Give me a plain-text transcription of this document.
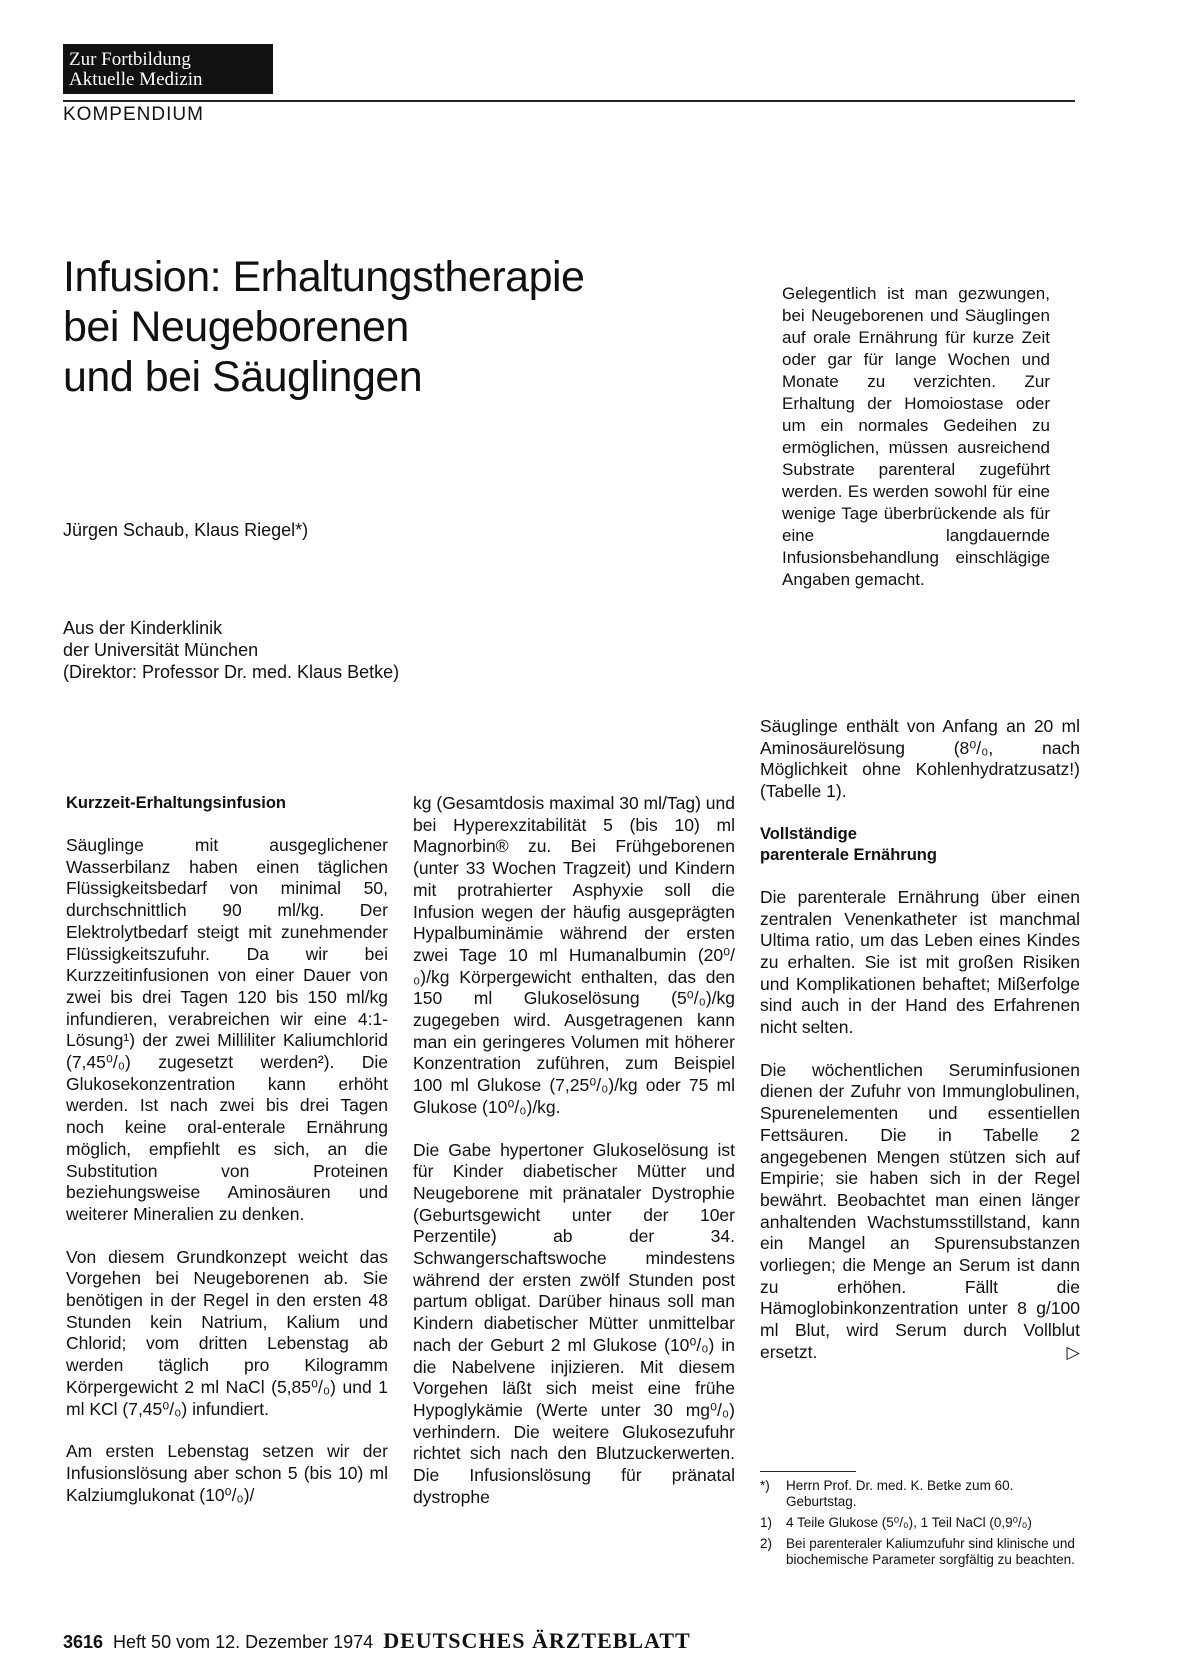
Zur Fortbildung
Aktuelle Medizin
KOMPENDIUM
Infusion: Erhaltungstherapie
bei Neugeborenen
und bei Säuglingen
Jürgen Schaub, Klaus Riegel*)
Aus der Kinderklinik
der Universität München
(Direktor: Professor Dr. med. Klaus Betke)
Gelegentlich ist man gezwungen, bei Neugeborenen und Säuglingen auf orale Ernährung für kurze Zeit oder gar für lange Wochen und Monate zu verzichten. Zur Erhaltung der Homoiostase oder um ein normales Gedeihen zu ermöglichen, müssen ausreichend Substrate parenteral zugeführt werden. Es werden sowohl für eine wenige Tage überbrückende als für eine langdauernde Infusionsbehandlung einschlägige Angaben gemacht.
Kurzzeit-Erhaltungsinfusion

Säuglinge mit ausgeglichener Wasserbilanz haben einen täglichen Flüssigkeitsbedarf von minimal 50, durchschnittlich 90 ml/kg. Der Elektrolytbedarf steigt mit zunehmender Flüssigkeitszufuhr. Da wir bei Kurzzeitinfusionen von einer Dauer von zwei bis drei Tagen 120 bis 150 ml/kg infundieren, verabreichen wir eine 4:1-Lösung¹) der zwei Milliliter Kaliumchlorid (7,45⁰/₀) zugesetzt werden²). Die Glukosekonzentration kann erhöht werden. Ist nach zwei bis drei Tagen noch keine oral-enterale Ernährung möglich, empfiehlt es sich, an die Substitution von Proteinen beziehungsweise Aminosäuren und weiterer Mineralien zu denken.

Von diesem Grundkonzept weicht das Vorgehen bei Neugeborenen ab. Sie benötigen in der Regel in den ersten 48 Stunden kein Natrium, Kalium und Chlorid; vom dritten Lebenstag ab werden täglich pro Kilogramm Körpergewicht 2 ml NaCl (5,85⁰/₀) und 1 ml KCl (7,45⁰/₀) infundiert.

Am ersten Lebenstag setzen wir der Infusionslösung aber schon 5 (bis 10) ml Kalziumglukonat (10⁰/₀)/

kg (Gesamtdosis maximal 30 ml/Tag) und bei Hyperexzitabilität 5 (bis 10) ml Magnorbin® zu. Bei Frühgeborenen (unter 33 Wochen Tragzeit) und Kindern mit protrahierter Asphyxie soll die Infusion wegen der häufig ausgeprägten Hypalbuminämie während der ersten zwei Tage 10 ml Humanalbumin (20⁰/₀)/kg Körpergewicht enthalten, das den 150 ml Glukoselösung (5⁰/₀)/kg zugegeben wird. Ausgetragenen kann man ein geringeres Volumen mit höherer Konzentration zuführen, zum Beispiel 100 ml Glukose (7,25⁰/₀)/kg oder 75 ml Glukose (10⁰/₀)/kg.

Die Gabe hypertoner Glukoselösung ist für Kinder diabetischer Mütter und Neugeborene mit pränataler Dystrophie (Geburtsgewicht unter der 10er Perzentile) ab der 34. Schwangerschaftswoche mindestens während der ersten zwölf Stunden post partum obligat. Darüber hinaus soll man Kindern diabetischer Mütter unmittelbar nach der Geburt 2 ml Glukose (10⁰/₀) in die Nabelvene injizieren. Mit diesem Vorgehen läßt sich meist eine frühe Hypoglykämie (Werte unter 30 mg⁰/₀) verhindern. Die weitere Glukosezufuhr richtet sich nach den Blutzuckerwerten. Die Infusionslösung für pränatal dystrophe

Säuglinge enthält von Anfang an 20 ml Aminosäurelösung (8⁰/₀, nach Möglichkeit ohne Kohlenhydratzusatz!) (Tabelle 1).

Vollständige
parenterale Ernährung

Die parenterale Ernährung über einen zentralen Venenkatheter ist manchmal Ultima ratio, um das Leben eines Kindes zu erhalten. Sie ist mit großen Risiken und Komplikationen behaftet; Mißerfolge sind auch in der Hand des Erfahrenen nicht selten.

Die wöchentlichen Seruminfusionen dienen der Zufuhr von Immunglobulinen, Spurenelementen und essentiellen Fettsäuren. Die in Tabelle 2 angegebenen Mengen stützen sich auf Empirie; sie haben sich in der Regel bewährt. Beobachtet man einen länger anhaltenden Wachstumsstillstand, kann ein Mangel an Spurensubstanzen vorliegen; die Menge an Serum ist dann zu erhöhen. Fällt die Hämoglobinkonzentration unter 8 g/100 ml Blut, wird Serum durch Vollblut ersetzt.	▷

*)	Herrn Prof. Dr. med. K. Betke zum 60. Geburtstag.
1)	4 Teile Glukose (5⁰/₀), 1 Teil NaCl (0,9⁰/₀)
2)	Bei parenteraler Kaliumzufuhr sind klinische und biochemische Parameter sorgfältig zu beachten.
3616 Heft 50 vom 12. Dezember 1974 DEUTSCHES ÄRZTEBLATT
